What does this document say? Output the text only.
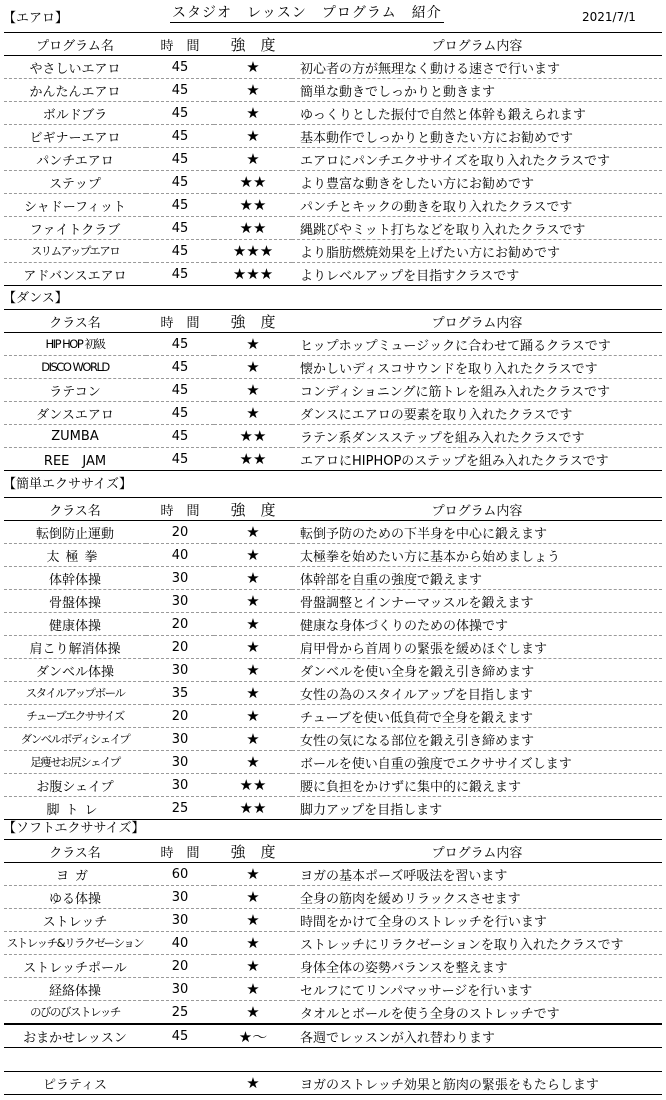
スタジオ　レッスン　プログラム　紹介	2021/7/1
【エアロ】
プログラム名	時　間	強　度	プログラム内容
やさしいエアロ	45	★	初心者の方が無理なく動ける速さで行います
かんたんエアロ	45	★	簡単な動きでしっかりと動きます
ボルドブラ	45	★	ゆっくりとした振付で自然と体幹も鍛えられます
ビギナーエアロ	45	★	基本動作でしっかりと動きたい方にお勧めです
パンチエアロ	45	★	エアロにパンチエクササイズを取り入れたクラスです
ステップ	45	★★	より豊富な動きをしたい方にお勧めです
シャドーフィット	45	★★	パンチとキックの動きを取り入れたクラスです
ファイトクラブ	45	★★	縄跳びやミット打ちなどを取り入れたクラスです
スリムアップエアロ	45	★★★	より脂肪燃焼効果を上げたい方にお勧めです
アドバンスエアロ	45	★★★	よりレベルアップを目指すクラスです
【ダンス】
クラス名	時　間	強　度	プログラム内容
HIP HOP 初級	45	★	ヒップホップミュージックに合わせて踊るクラスです
DISCO WORLD	45	★	懐かしいディスコサウンドを取り入れたクラスです
ラテコン	45	★	コンディショニングに筋トレを組み入れたクラスです
ダンスエアロ	45	★	ダンスにエアロの要素を取り入れたクラスです
ZUMBA	45	★★	ラテン系ダンスステップを組み入れたクラスです
REE　JAM	45	★★	エアロにHIPHOPのステップを組み入れたクラスです
【簡単エクササイズ】
クラス名	時　間	強　度	プログラム内容
転倒防止運動	20	★	転倒予防のための下半身を中心に鍛えます
太極拳	40	★	太極拳を始めたい方に基本から始めましょう
体幹体操	30	★	体幹部を自重の強度で鍛えます
骨盤体操	30	★	骨盤調整とインナーマッスルを鍛えます
健康体操	20	★	健康な身体づくりのための体操です
肩こり解消体操	20	★	肩甲骨から首周りの緊張を緩めほぐします
ダンベル体操	30	★	ダンベルを使い全身を鍛え引き締めます
スタイルアップボール	35	★	女性の為のスタイルアップを目指します
チューブエクササイズ	20	★	チューブを使い低負荷で全身を鍛えます
ダンベルボディシェイプ	30	★	女性の気になる部位を鍛え引き締めます
足痩せお尻シェイプ	30	★	ボールを使い自重の強度でエクササイズします
お腹シェイプ	30	★★	腰に負担をかけずに集中的に鍛えます
脚トレ	25	★★	脚力アップを目指します
【ソフトエクササイズ】
クラス名	時　間	強　度	プログラム内容
ヨガ	60	★	ヨガの基本ポーズ呼吸法を習います
ゆる体操	30	★	全身の筋肉を緩めリラックスさせます
ストレッチ	30	★	時間をかけて全身のストレッチを行います
ストレッチ&リラクゼーション	40	★	ストレッチにリラクゼーションを取り入れたクラスです
ストレッチポール	20	★	身体全体の姿勢バランスを整えます
経絡体操	30	★	セルフにてリンパマッサージを行います
のびのびストレッチ	25	★	タオルとボールを使う全身のストレッチです
おまかせレッスン	45	★～	各週でレッスンが入れ替わります
ピラティス		★	ヨガのストレッチ効果と筋肉の緊張をもたらします
